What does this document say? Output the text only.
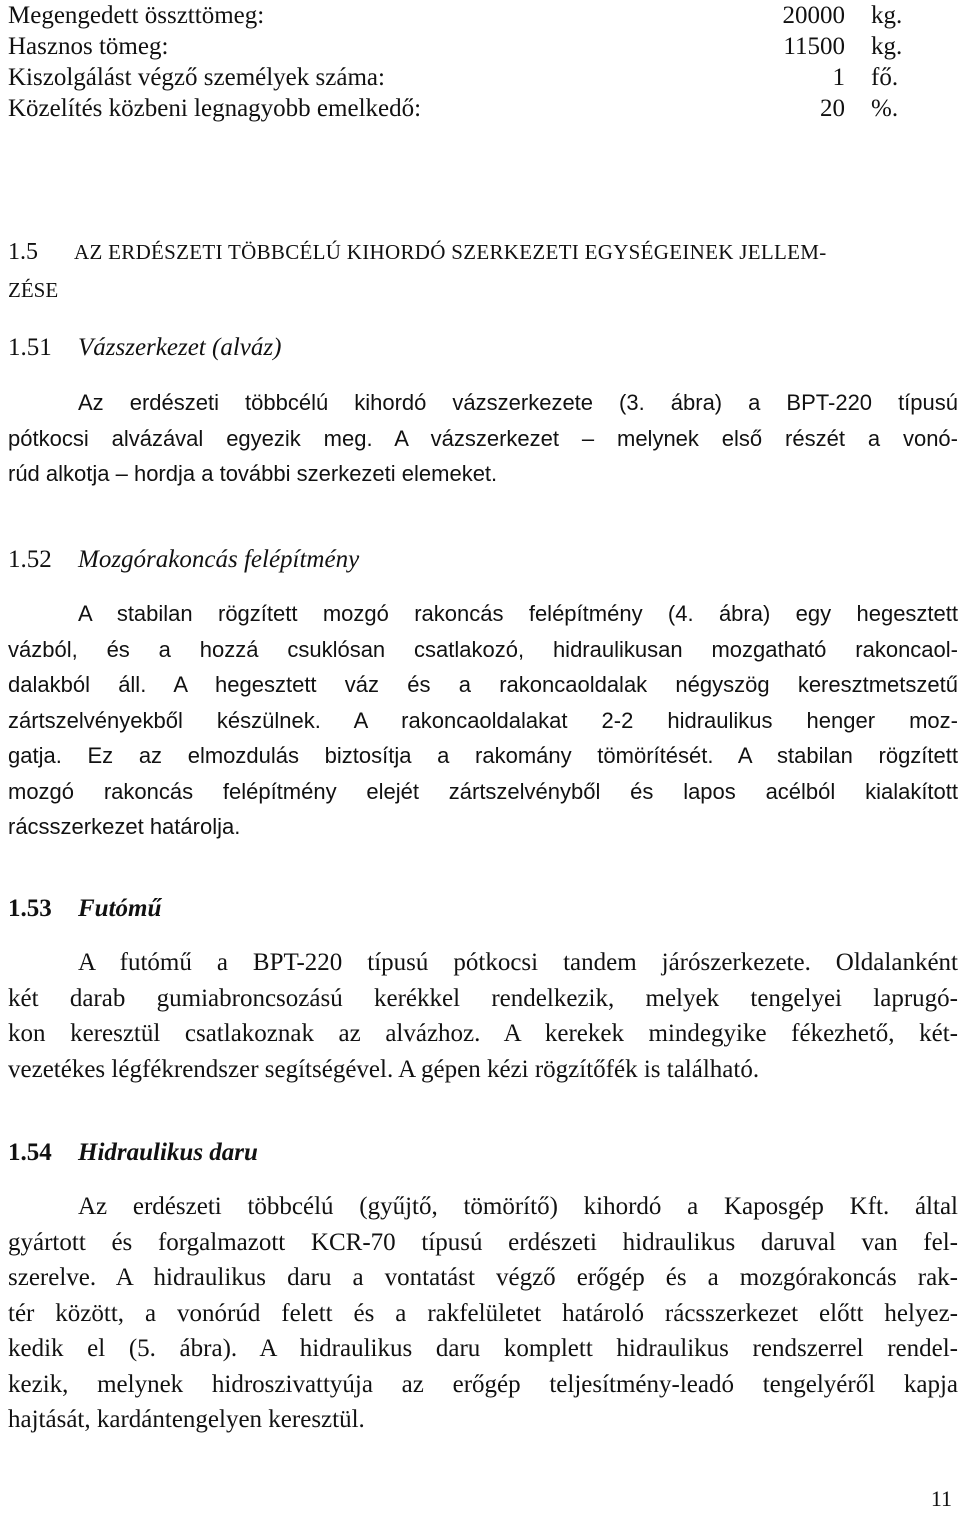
Megengedett összttömeg:	20000 kg.
Hasznos tömeg:	11500 kg.
Kiszolgálást végző személyek száma:	1 fő.
Közelítés közbeni legnagyobb emelkedő:	20 %.
1.5 AZ ERDÉSZETI TÖBBCÉLÚ KIHORDÓ SZERKEZETI EGYSÉGEINEK JELLEM-
ZÉSE
1.51 Vázszerkezet (alváz)
Az erdészeti többcélú kihordó vázszerkezete (3. ábra) a BPT-220 típusú
pótkocsi alvázával egyezik meg. A vázszerkezet – melynek első részét a vonó-
rúd alkotja – hordja a további szerkezeti elemeket.
1.52 Mozgórakoncás felépítmény
A stabilan rögzített mozgó rakoncás felépítmény (4. ábra) egy hegesztett
vázból, és a hozzá csuklósan csatlakozó, hidraulikusan mozgatható rakoncaol-
dalakból áll. A hegesztett váz és a rakoncaoldalak négyszög keresztmetszetű
zártszelvényekből készülnek. A rakoncaoldalakat 2-2 hidraulikus henger moz-
gatja. Ez az elmozdulás biztosítja a rakomány tömörítését. A stabilan rögzített
mozgó rakoncás felépítmény elejét zártszelvényből és lapos acélból kialakított
rácsszerkezet határolja.
1.53 Futómű
A futómű a BPT-220 típusú pótkocsi tandem járószerkezete. Oldalanként
két darab gumiabroncsozású kerékkel rendelkezik, melyek tengelyei laprugó-
kon keresztül csatlakoznak az alvázhoz. A kerekek mindegyike fékezhető, két-
vezetékes légfékrendszer segítségével. A gépen kézi rögzítőfék is található.
1.54 Hidraulikus daru
Az erdészeti többcélú (gyűjtő, tömörítő) kihordó a Kaposgép Kft. által
gyártott és forgalmazott KCR-70 típusú erdészeti hidraulikus daruval van fel-
szerelve. A hidraulikus daru a vontatást végző erőgép és a mozgórakoncás rak-
tér között, a vonórúd felett és a rakfelületet határoló rácsszerkezet előtt helyez-
kedik el (5. ábra). A hidraulikus daru komplett hidraulikus rendszerrel rendel-
kezik, melynek hidroszivattyúja az erőgép teljesítmény-leadó tengelyéről kapja
hajtását, kardántengelyen keresztül.
11
